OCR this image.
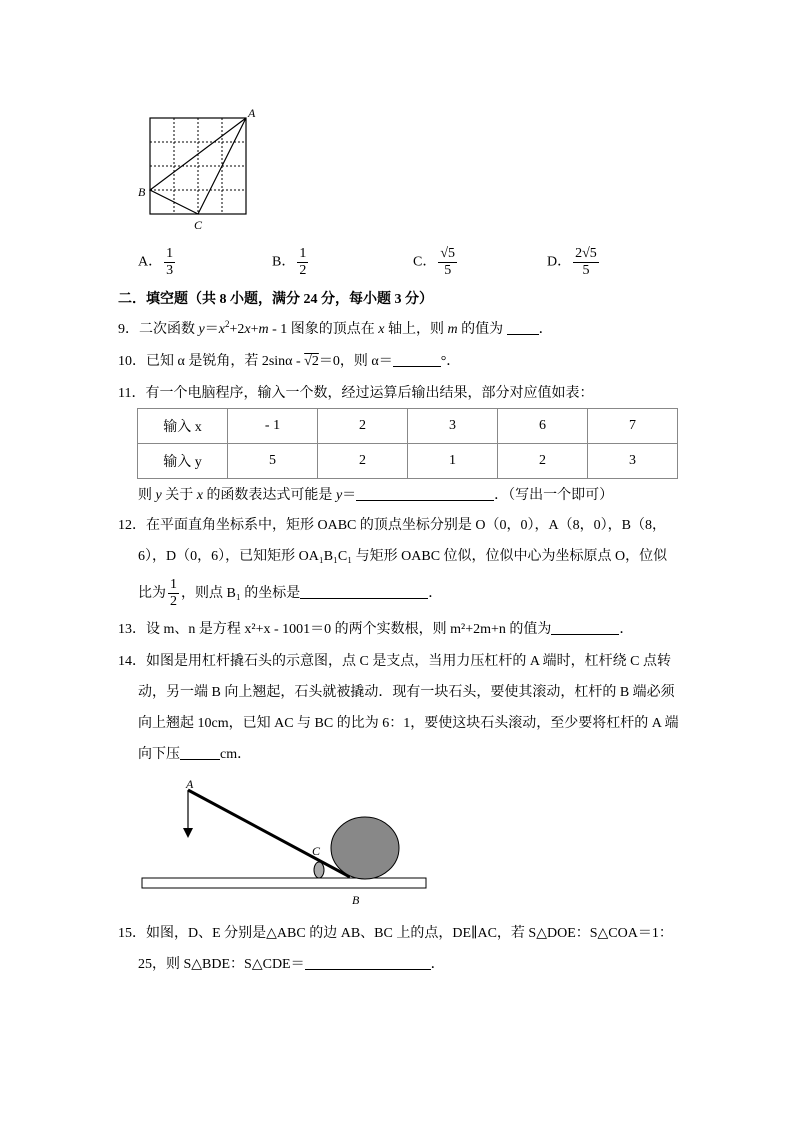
A
B
C
A． $\frac{1}{3}$	B． $\frac{1}{2}$	C． $\frac{√5}{5}$	D． $\frac{2√5}{5}$
二．填空题（共 8 小题，满分 24 分，每小题 3 分）
9．二次函数 $y=x^2+2x+m - 1$ 图象的顶点在 x 轴上，则 m 的值为 ．
10．已知 α 是锐角，若 2sinα - √2＝0，则 α＝	°．
11．有一个电脑程序，输入一个数，经过运算后输出结果，部分对应值如表：
输入 x	- 1	2	3	6	7
输入 y	5	2	1	2	3
则 y 关于 x 的函数表达式可能是 y＝	．（写出一个即可）
12．在平面直角坐标系中，矩形 OABC 的顶点坐标分别是 O（0，0），A（8，0），B（8，
6），D（0，6），已知矩形 OA₁B₁C₁ 与矩形 OABC 位似，位似中心为坐标原点 O，位似
比为 $\frac{1}{2}$ ，则点 B₁ 的坐标是	．
13．设 m、n 是方程 x²+x - 1001＝0 的两个实数根，则 m²+2m+n 的值为	．
14．如图是用杠杆撬石头的示意图，点 C 是支点，当用力压杠杆的 A 端时，杠杆绕 C 点转
动，另一端 B 向上翘起，石头就被撬动．现有一块石头，要使其滚动，杠杆的 B 端必须
向上翘起 10cm，已知 AC 与 BC 的比为 6：1，要使这块石头滚动，至少要将杠杆的 A 端
向下压	cm．
A
C
B
15．如图，D、E 分别是△ABC 的边 AB、BC 上的点，DE∥AC，若 S△DOE：S△COA＝1：
25，则 S△BDE：S△CDE＝	．
